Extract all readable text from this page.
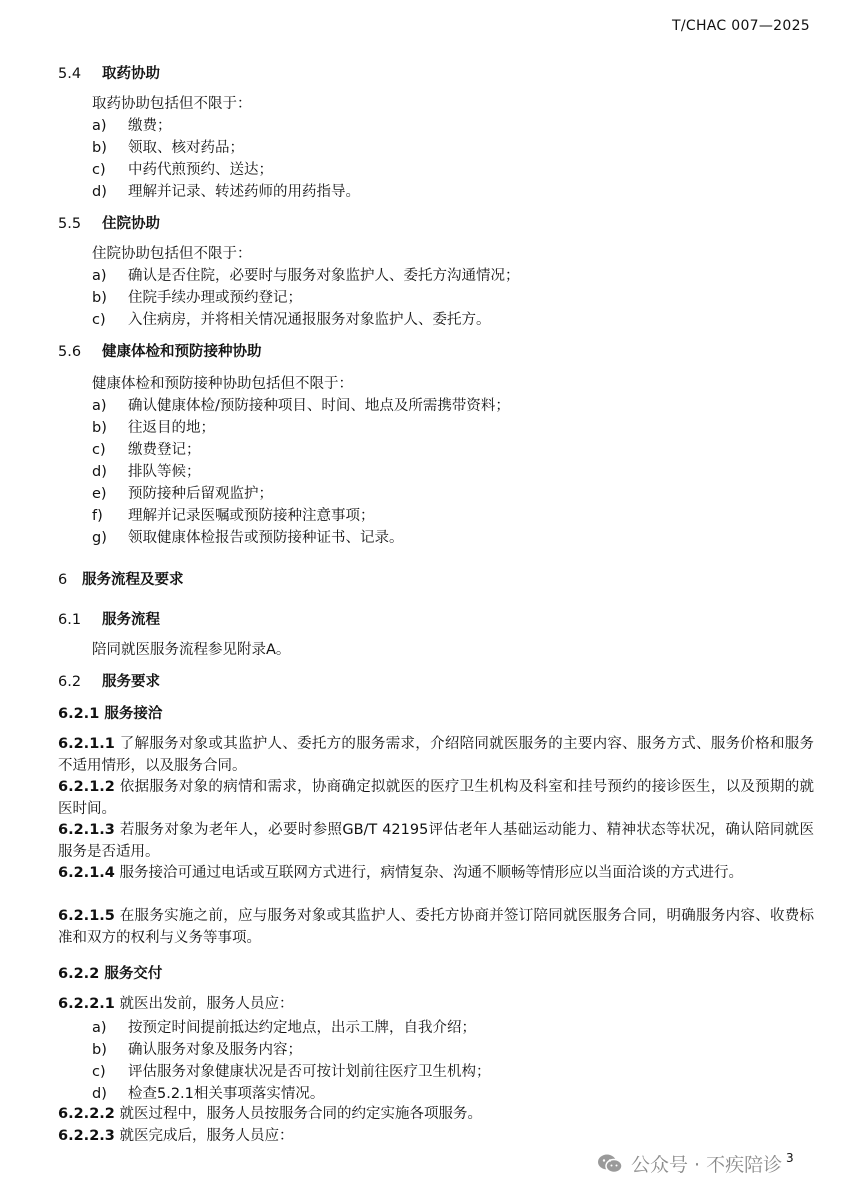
T/CHAC 007—2025
5.4 取药协助
取药协助包括但不限于：
a) 缴费；
b) 领取、核对药品；
c) 中药代煎预约、送达；
d) 理解并记录、转述药师的用药指导。
5.5 住院协助
住院协助包括但不限于：
a) 确认是否住院，必要时与服务对象监护人、委托方沟通情况；
b) 住院手续办理或预约登记；
c) 入住病房，并将相关情况通报服务对象监护人、委托方。
5.6 健康体检和预防接种协助
健康体检和预防接种协助包括但不限于：
a) 确认健康体检/预防接种项目、时间、地点及所需携带资料；
b) 往返目的地；
c) 缴费登记；
d) 排队等候；
e) 预防接种后留观监护；
f) 理解并记录医嘱或预防接种注意事项；
g) 领取健康体检报告或预防接种证书、记录。
6 服务流程及要求
6.1 服务流程
陪同就医服务流程参见附录A。
6.2 服务要求
6.2.1 服务接洽
6.2.1.1 了解服务对象或其监护人、委托方的服务需求，介绍陪同就医服务的主要内容、服务方式、服务价格和服务不适用情形，以及服务合同。
6.2.1.2 依据服务对象的病情和需求，协商确定拟就医的医疗卫生机构及科室和挂号预约的接诊医生，以及预期的就医时间。
6.2.1.3 若服务对象为老年人，必要时参照GB/T 42195评估老年人基础运动能力、精神状态等状况，确认陪同就医服务是否适用。
6.2.1.4 服务接洽可通过电话或互联网方式进行，病情复杂、沟通不顺畅等情形应以当面洽谈的方式进行。
6.2.1.5 在服务实施之前，应与服务对象或其监护人、委托方协商并签订陪同就医服务合同，明确服务内容、收费标准和双方的权利与义务等事项。
6.2.2 服务交付
6.2.2.1 就医出发前，服务人员应：
a) 按预定时间提前抵达约定地点，出示工牌，自我介绍；
b) 确认服务对象及服务内容；
c) 评估服务对象健康状况是否可按计划前往医疗卫生机构；
d) 检查5.2.1相关事项落实情况。
6.2.2.2 就医过程中，服务人员按服务合同的约定实施各项服务。
6.2.2.3 就医完成后，服务人员应：
公众号 · 不疾陪诊 3
